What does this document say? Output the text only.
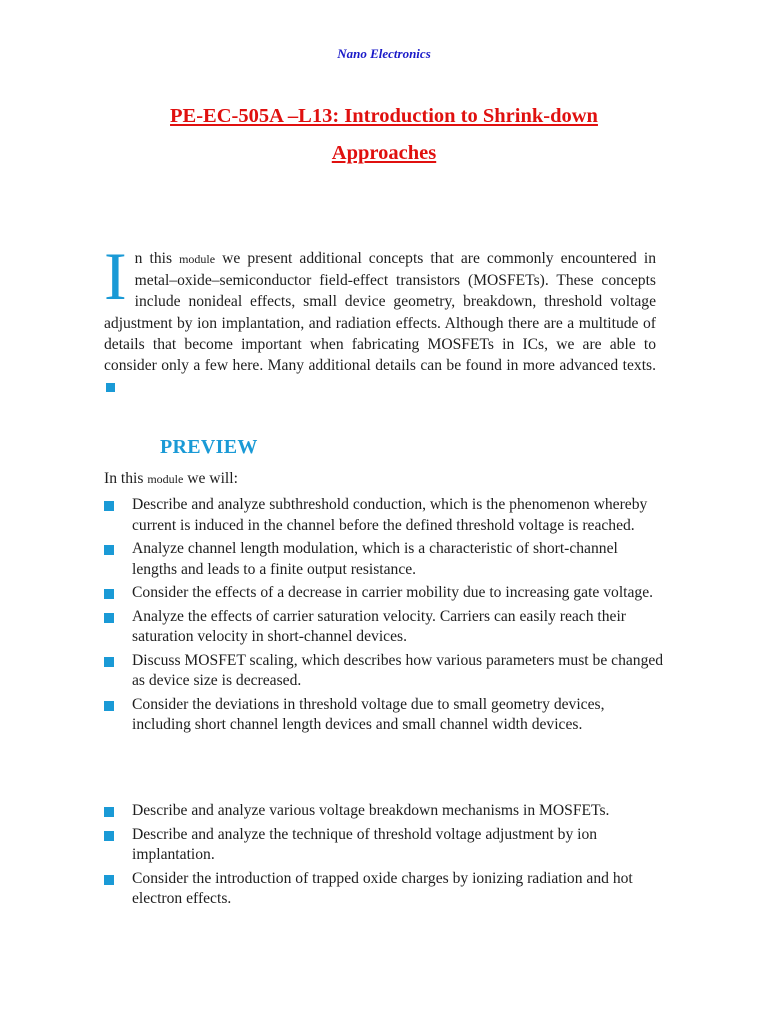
Nano Electronics
PE-EC-505A –L13: Introduction to Shrink-down
Approaches
In this module we present additional concepts that are commonly encountered in metal–oxide–semiconductor field-effect transistors (MOSFETs). These concepts include nonideal effects, small device geometry, breakdown, threshold voltage adjustment by ion implantation, and radiation effects. Although there are a multitude of details that become important when fabricating MOSFETs in ICs, we are able to consider only a few here. Many additional details can be found in more advanced texts.
PREVIEW
In this module we will:
Describe and analyze subthreshold conduction, which is the phenomenon whereby current is induced in the channel before the defined threshold voltage is reached.
Analyze channel length modulation, which is a characteristic of short-channel lengths and leads to a finite output resistance.
Consider the effects of a decrease in carrier mobility due to increasing gate voltage.
Analyze the effects of carrier saturation velocity. Carriers can easily reach their saturation velocity in short-channel devices.
Discuss MOSFET scaling, which describes how various parameters must be changed as device size is decreased.
Consider the deviations in threshold voltage due to small geometry devices, including short channel length devices and small channel width devices.
Describe and analyze various voltage breakdown mechanisms in MOSFETs.
Describe and analyze the technique of threshold voltage adjustment by ion implantation.
Consider the introduction of trapped oxide charges by ionizing radiation and hot electron effects.
